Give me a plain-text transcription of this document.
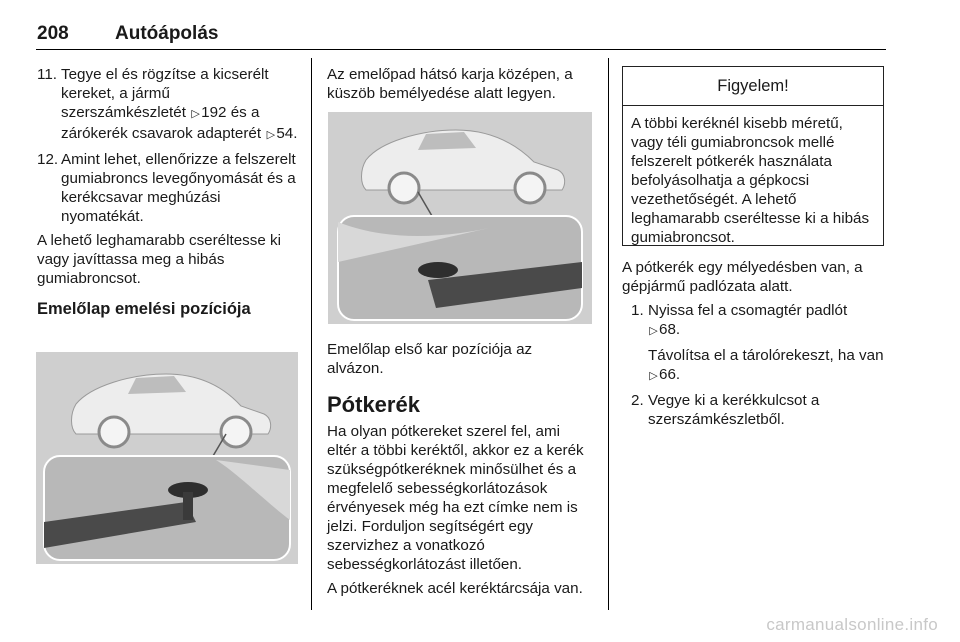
208 Autóápolás
11. Tegye el és rögzítse a kicserélt kereket, a jármű szerszámkészletét ▷192 és a zárókerék csavarok adapterét ▷54.
12. Amint lehet, ellenőrizze a felszerelt gumiabroncs levegőnyomását és a kerékcsavar meghúzási nyomatékát.

A lehető leghamarabb cseréltesse ki vagy javíttassa meg a hibás gumiabroncsot.

Emelőlap emelési pozíciója

Az emelőpad hátsó karja középen, a küszöb bemélyedése alatt legyen.

Emelőlap első kar pozíciója az alvázon.

Pótkerék

Ha olyan pótkereket szerel fel, ami eltér a többi keréktől, akkor ez a kerék szükségpótkeréknek minősülhet és a megfelelő sebességkorlátozások érvényesek még ha ezt címke nem is jelzi. Forduljon segítségért egy szervizhez a vonatkozó sebességkorlátozást illetően.

A pótkeréknek acél keréktárcsája van.

Figyelem!
A többi keréknél kisebb méretű, vagy téli gumiabroncsok mellé felszerelt pótkerék használata befolyásolhatja a gépkocsi vezethetőségét. A lehető leghamarabb cseréltesse ki a hibás gumiabroncsot.

A pótkerék egy mélyedésben van, a gépjármű padlózata alatt.

1. Nyissa fel a csomagtér padlót
▷68.
Távolítsa el a tárolórekeszt, ha van ▷66.
2. Vegye ki a kerékkulcsot a szerszámkészletből.
carmanualsonline.info
